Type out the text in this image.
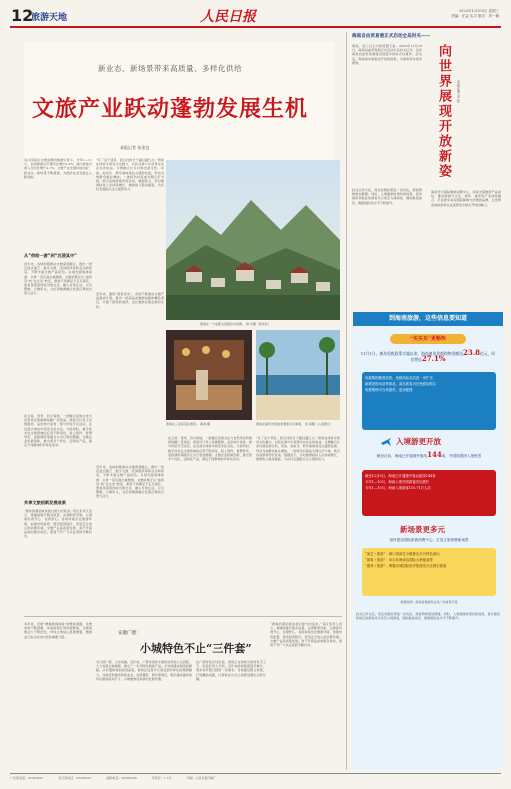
12
旅游天地	人民日报	2025年12月03日 星期三
责编：任益 实习 版式：刘一楠
新业态、新场景带来高质量、多样化供给
文旅产业跃动蓬勃发展生机
本报记者 朱金宜
本以国家在文旅消费的数据中显示，今年1—11月，全国旅游总花费同比增长9.4%，国内游客出游人次同比增长4.1%，文旅产业发展持续向好，新业态、新场景不断涌现，为经济社会发展注入新动能。
从“供给一游”到“沉浸其中”
近年来，各地积极推动文旅深度融合，推出一批沉浸式演艺、数字文旅、夜间经济等新业态新场景，不断丰富文旅产品供给。从观光游到体验游、从单一景区到全域旅游，文旅消费正从“看风景”向“过生活”转变，游客不再满足于走马观花，更希望深度体验当地文化、融入当地生活。以文塑旅、以旅彰文，文化和旅游融合发展正释放出更大活力。
在云南、贵州、四川等地，一批融合民族文化与自然风光的旅游线路广受欢迎。游客可以穿上民族服饰、品尝地方美食、参与传统节庆活动，在沉浸式体验中感受多彩文化。与此同时，数字技术在文旅领域的应用不断深化，线上预约、智慧导览、虚拟展陈等服务让出行更加便捷。文旅企业积极创新，推出更多个性化、定制化产品，满足不同群体的多样化需求。
共享文旅创新发展成果
“游客的满意就是我们最大的追求。”景区负责人表示，将继续提升服务质量，完善配套设施，让游客玩得开心、住得舒心。各地持续优化旅游环境，加强市场监管，规范经营秩序，营造安全放心的消费环境。文旅产业高质量发展，离不开高品质的服务供给，更离不开广大从业者的辛勤付出。
“有了这个项目，我们村的日子越过越红火。”游客在体验中感受文化魅力，村民在参与中获得实实在在的收益。文旅融合让乡村焕发新生机，民宿、农家乐、研学基地等业态蓬勃发展，带动当地群众就业增收。一批特色村落成为网红打卡地，吸引各地游客纷至沓来。数据显示，乡村旅游接待人次持续增长，旅游收入稳步提高，为乡村全面振兴注入强劲动力。
游客在一个成都文创商店内选购。 薛 华摄（新华社）
游客在三亚某景区游览。 薛鸿 摄	游客在重庆市某地非遗展示区参观。 吴 春摄（人民图片）
近年来，围绕“游客需求”，各地不断推动文旅产品提质升级，推出一批高品质旅游线路和精品项目，丰富了游客的选择，也让旅游业焕发新的生机。
近年来，各地积极推动文旅深度融合，推出一批沉浸式演艺、数字文旅、夜间经济等新业态新场景，不断丰富文旅产品供给。从观光游到体验游、从单一景区到全域旅游，文旅消费正从“看风景”向“过生活”转变，游客不再满足于走马观花，更希望深度体验当地文化、融入当地生活。以文塑旅、以旅彰文，文化和旅游融合发展正释放出更大活力。
在云南、贵州、四川等地，一批融合民族文化与自然风光的旅游线路广受欢迎。游客可以穿上民族服饰、品尝地方美食、参与传统节庆活动，在沉浸式体验中感受多彩文化。与此同时，数字技术在文旅领域的应用不断深化，线上预约、智慧导览、虚拟展陈等服务让出行更加便捷。文旅企业积极创新，推出更多个性化、定制化产品，满足不同群体的多样化需求。
“有了这个项目，我们村的日子越过越红火。”游客在体验中感受文化魅力，村民在参与中获得实实在在的收益。文旅融合让乡村焕发新生机，民宿、农家乐、研学基地等业态蓬勃发展，带动当地群众就业增收。一批特色村落成为网红打卡地，吸引各地游客纷至沓来。数据显示，乡村旅游接待人次持续增长，旅游收入稳步提高，为乡村全面振兴注入强劲动力。
多年来，发展“增强游客体验”的整体思路，文旅市场不断回暖，各地政策红利持续释放，文旅消费活力不断迸发，市场主体信心显著增强，旅游业已成为拉动内需的重要力量。
安徽广德：
小城特色不止“三件套”
冬日的广德，山水如画。近年来，广德市依托丰富的自然和人文资源，大力发展全域旅游，推出了一系列特色旅游产品。从竹海漫步到溶洞探秘，从非遗体验到美食品鉴，游客在这里可以感受到多样化的旅游魅力。当地还积极培育新业态，发展露营、研学等项目，吸引越来越多的年轻游客前来打卡，小城旅游迎来新的发展机遇。
在广德市某乡村民宿，游客正在体验当地特色手工艺。民宿负责人介绍，近年来游客数量逐年增长，周末和节假日经常一房难求。当地通过整合资源，打造精品线路，让游客在山水之间感受慢生活的乐趣。
“游客的满意就是我们最大的追求。”景区负责人表示，将继续提升服务质量，完善配套设施，让游客玩得开心、住得舒心。各地持续优化旅游环境，加强市场监管，规范经营秩序，营造安全放心的消费环境。文旅产业高质量发展，离不开高品质的服务供给，更离不开广大从业者的辛勤付出。
海南自由贸易港正式启动全岛封关——
海南，是人们心中的度假天堂。2025年12月18日，海南自由贸易港正式启动全岛封关运作，这是海南自由贸易港建设进程中的标志性事件。封关后，海南将实施更加开放的政策，为游客带来更多便利。
封关运作以后，离岛免税政策进一步优化，游客购物更加便捷。同时，入境旅游政策持续放宽，更多国家和地区的游客可以免签入境海南，国际航线加密，旅游国际化水平不断提升。
向世界展现开放新姿	本报记者 金 桂
海南作为国际旅游消费中心，持续丰富旅游产品供给，推动旅游与文化、体育、康养等产业深度融合，打造更多具有国际影响力的旅游品牌，让世界各地的游客在这里感受中国式开放的魅力。
到海南旅游，这些信息要知道
“买买买”更畅快
11月1日，离岛免税政策实施以来，海南离岛免税购物金额达23.8亿元，同比增长27.1%
免税购物额度放宽，免税商品品类进一步扩充
新增宠物用品等商品，离岛旅客可在免税店购买
免税购物可当场提货，更加便捷
入境游更开放
截至目前，海南已开通境外航线144条，外国旅游团入境免签
截至12月5日，海南已开通境外客运航线144条
今年1—10月，海南入境外国游客同比增长
今年1—10月，海南入境游客110.71万人次
新场景更多元
加快建设国际旅游消费中心，打造文旅消费新场景
“演艺＋旅游”：海口湾演艺小镇推出多台特色演出
“赛事＋旅游”：举办环海南岛国际大帆船赛等
“康养＋旅游”：博鳌乐城国际医疗旅游先行区吸引游客
数据来源：海南省旅游和文化广电体育厅等
封关运作以后，离岛免税政策进一步优化，游客购物更加便捷。同时，入境旅游政策持续放宽，更多国家和地区的游客可以免签入境海南，国际航线加密，旅游国际化水平不断提升。
广告部电话：65363467	发行部电话：65369327	邮购电话：65369530	零售价：1.5元	印刷：人民日报印刷厂
